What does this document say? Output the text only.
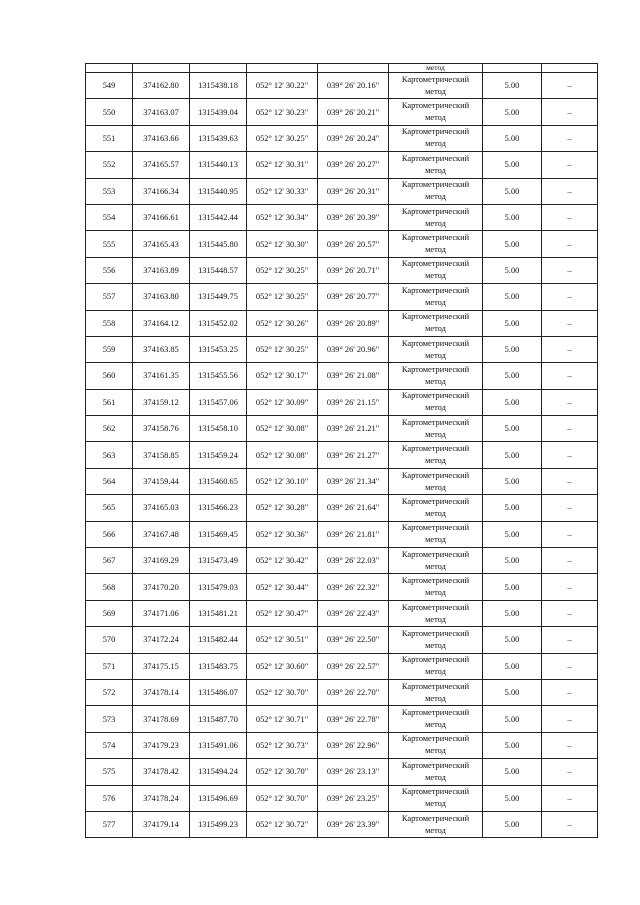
					метод		
549	374162.80	1315438.18	052° 12' 30.22"	039° 26' 20.16"	Картометрический
метод	5.00	–
550	374163.07	1315439.04	052° 12' 30.23"	039° 26' 20.21"	Картометрический
метод	5.00	–
551	374163.66	1315439.63	052° 12' 30.25"	039° 26' 20.24"	Картометрический
метод	5.00	–
552	374165.57	1315440.13	052° 12' 30.31"	039° 26' 20.27"	Картометрический
метод	5.00	–
553	374166.34	1315440.95	052° 12' 30.33"	039° 26' 20.31"	Картометрический
метод	5.00	–
554	374166.61	1315442.44	052° 12' 30.34"	039° 26' 20.39"	Картометрический
метод	5.00	–
555	374165.43	1315445.80	052° 12' 30.30"	039° 26' 20.57"	Картометрический
метод	5.00	–
556	374163.89	1315448.57	052° 12' 30.25"	039° 26' 20.71"	Картометрический
метод	5.00	–
557	374163.80	1315449.75	052° 12' 30.25"	039° 26' 20.77"	Картометрический
метод	5.00	–
558	374164.12	1315452.02	052° 12' 30.26"	039° 26' 20.89"	Картометрический
метод	5.00	–
559	374163.85	1315453.25	052° 12' 30.25"	039° 26' 20.96"	Картометрический
метод	5.00	–
560	374161.35	1315455.56	052° 12' 30.17"	039° 26' 21.08"	Картометрический
метод	5.00	–
561	374159.12	1315457.06	052° 12' 30.09"	039° 26' 21.15"	Картометрический
метод	5.00	–
562	374158.76	1315458.10	052° 12' 30.08"	039° 26' 21.21"	Картометрический
метод	5.00	–
563	374158.85	1315459.24	052° 12' 30.08"	039° 26' 21.27"	Картометрический
метод	5.00	–
564	374159.44	1315460.65	052° 12' 30.10"	039° 26' 21.34"	Картометрический
метод	5.00	–
565	374165.03	1315466.23	052° 12' 30.28"	039° 26' 21.64"	Картометрический
метод	5.00	–
566	374167.48	1315469.45	052° 12' 30.36"	039° 26' 21.81"	Картометрический
метод	5.00	–
567	374169.29	1315473.49	052° 12' 30.42"	039° 26' 22.03"	Картометрический
метод	5.00	–
568	374170.20	1315479.03	052° 12' 30.44"	039° 26' 22.32"	Картометрический
метод	5.00	–
569	374171.06	1315481.21	052° 12' 30.47"	039° 26' 22.43"	Картометрический
метод	5.00	–
570	374172.24	1315482.44	052° 12' 30.51"	039° 26' 22.50"	Картометрический
метод	5.00	–
571	374175.15	1315483.75	052° 12' 30.60"	039° 26' 22.57"	Картометрический
метод	5.00	–
572	374178.14	1315486.07	052° 12' 30.70"	039° 26' 22.70"	Картометрический
метод	5.00	–
573	374178.69	1315487.70	052° 12' 30.71"	039° 26' 22.78"	Картометрический
метод	5.00	–
574	374179.23	1315491.06	052° 12' 30.73"	039° 26' 22.96"	Картометрический
метод	5.00	–
575	374178.42	1315494.24	052° 12' 30.70"	039° 26' 23.13"	Картометрический
метод	5.00	–
576	374178.24	1315496.69	052° 12' 30.70"	039° 26' 23.25"	Картометрический
метод	5.00	–
577	374179.14	1315499.23	052° 12' 30.72"	039° 26' 23.39"	Картометрический
метод	5.00	–
